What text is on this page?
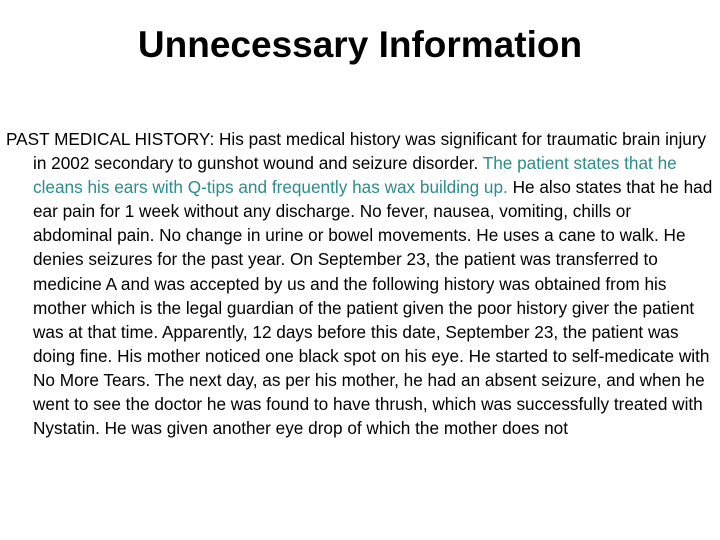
Unnecessary Information

PAST MEDICAL HISTORY: His past medical history was significant for traumatic brain injury in 2002 secondary to gunshot wound and seizure disorder. The patient states that he cleans his ears with Q-tips and frequently has wax building up. He also states that he had ear pain for 1 week without any discharge. No fever, nausea, vomiting, chills or abdominal pain. No change in urine or bowel movements. He uses a cane to walk. He denies seizures for the past year. On September 23, the patient was transferred to medicine A and was accepted by us and the following history was obtained from his mother which is the legal guardian of the patient given the poor history giver the patient was at that time. Apparently, 12 days before this date, September 23, the patient was doing fine. His mother noticed one black spot on his eye. He started to self-medicate with No More Tears. The next day, as per his mother, he had an absent seizure, and when he went to see the doctor he was found to have thrush, which was successfully treated with Nystatin. He was given another eye drop of which the mother does not
